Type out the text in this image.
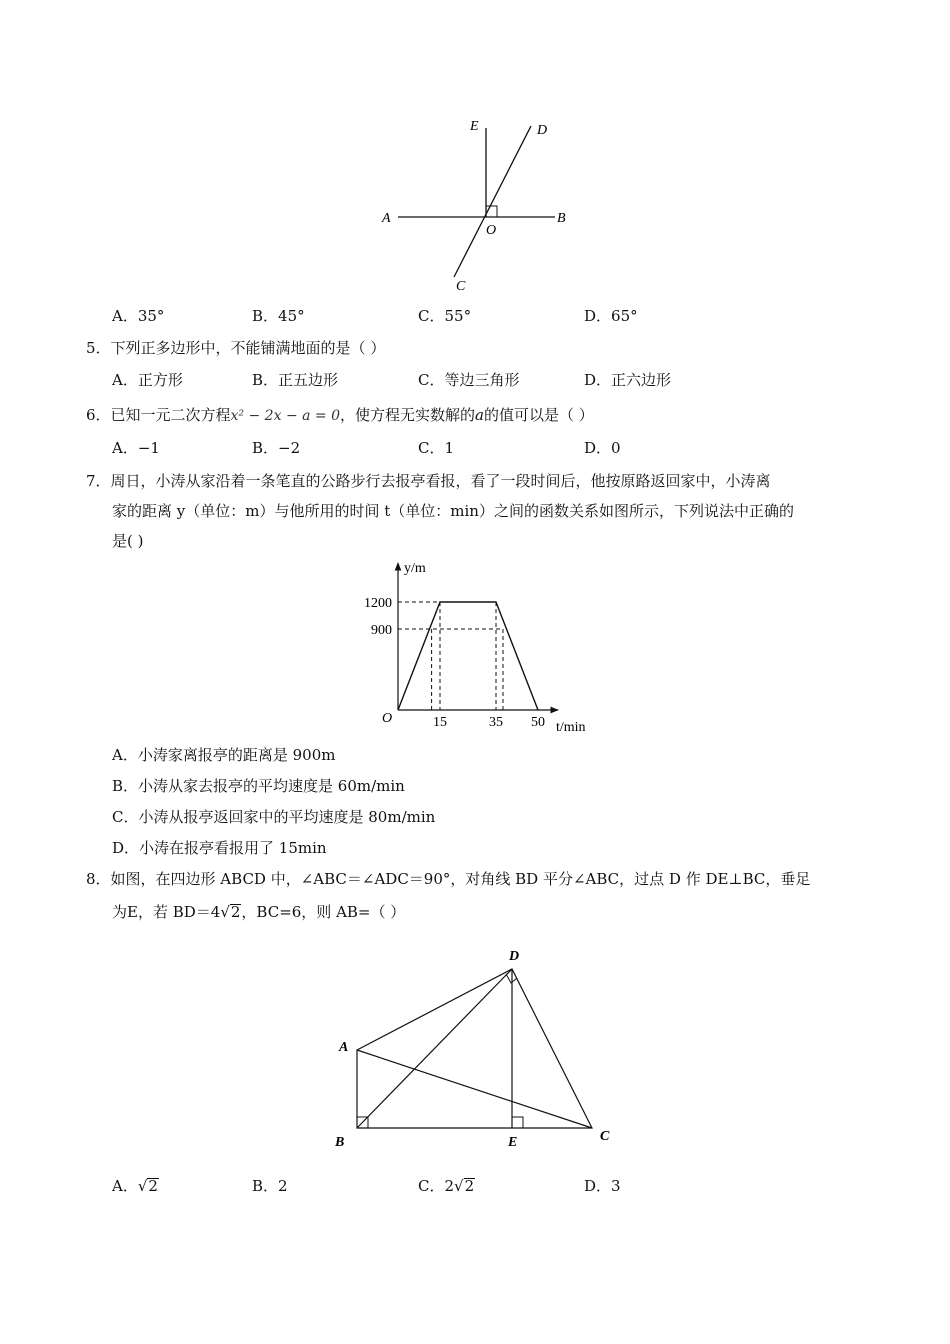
E	D
A	B
O
C
A．35°	B．45°	C．55°	D．65°
5．下列正多边形中，不能铺满地面的是（ ）
A．正方形	B．正五边形	C．等边三角形	D．正六边形
6．已知一元二次方程x² − 2x − a = 0，使方程无实数解的a的值可以是（ ）
A．−1	B．−2	C．1	D．0
7．周日，小涛从家沿着一条笔直的公路步行去报亭看报，看了一段时间后，他按原路返回家中，小涛离
家的距离 y（单位：m）与他所用的时间 t（单位：min）之间的函数关系如图所示，下列说法中正确的
是( )
y/m
t/min
O
1200
900
15	35 50
A．小涛家离报亭的距离是 900m
B．小涛从家去报亭的平均速度是 60m/min
C．小涛从报亭返回家中的平均速度是 80m/min
D．小涛在报亭看报用了 15min
8．如图，在四边形 ABCD 中，∠ABC＝∠ADC＝90°，对角线 BD 平分∠ABC，过点 D 作 DE⊥BC，垂足
为E，若 BD＝4√2，BC=6，则 AB=（ ）
D
A
B	E	C
A．√2	B．2	C．2√2	D．3
